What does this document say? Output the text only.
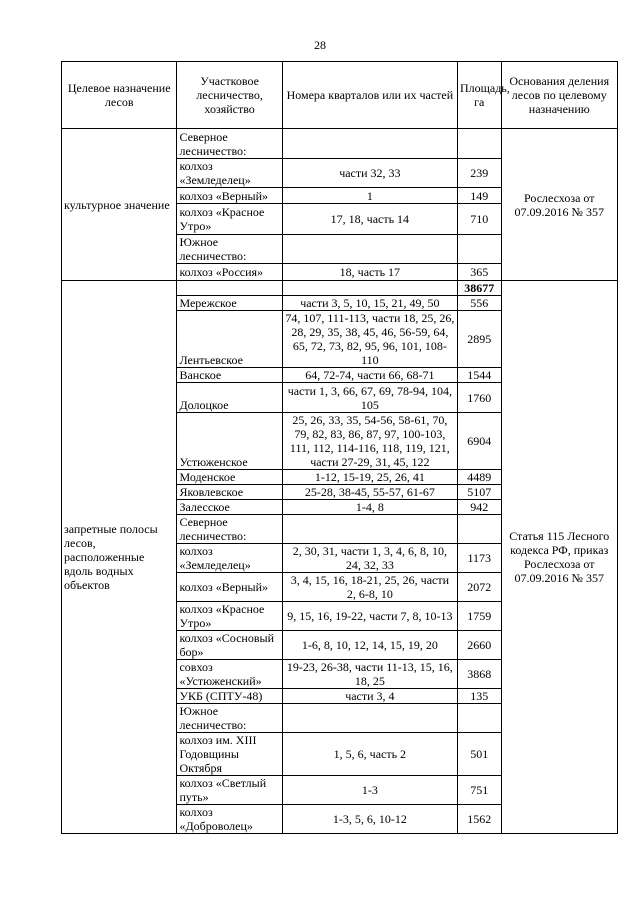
28
Целевое назначение лесов	Участковое лесничество, хозяйство	Номера кварталов или их частей	Площадь, га	Основания деления лесов по целевому назначению
культурное значение	Северное лесничество:			Рослесхоза от 07.09.2016 № 357
	колхоз «Земледелец»	части 32, 33	239	
	колхоз «Верный»	1	149	
	колхоз «Красное Утро»	17, 18, часть 14	710	
	Южное лесничество:			
	колхоз «Россия»	18, часть 17	365	
запретные полосы лесов, расположенные вдоль водных объектов			38677	Статья 115 Лесного кодекса РФ, приказ Рослесхоза от 07.09.2016 № 357
	Мережское	части 3, 5, 10, 15, 21, 49, 50	556	
	Лентьевское	74, 107, 111-113, части 18, 25, 26, 28, 29, 35, 38, 45, 46, 56-59, 64, 65, 72, 73, 82, 95, 96, 101, 108-110	2895	
	Ванское	64, 72-74, части 66, 68-71	1544	
	Долоцкое	части 1, 3, 66, 67, 69, 78-94, 104, 105	1760	
	Устюженское	25, 26, 33, 35, 54-56, 58-61, 70, 79, 82, 83, 86, 87, 97, 100-103, 111, 112, 114-116, 118, 119, 121, части 27-29, 31, 45, 122	6904	
	Моденское	1-12, 15-19, 25, 26, 41	4489	
	Яковлевское	25-28, 38-45, 55-57, 61-67	5107	
	Залесское	1-4, 8	942	
	Северное лесничество:			
	колхоз «Земледелец»	2, 30, 31, части 1, 3, 4, 6, 8, 10, 24, 32, 33	1173	
	колхоз «Верный»	3, 4, 15, 16, 18-21, 25, 26, части 2, 6-8, 10	2072	
	колхоз «Красное Утро»	9, 15, 16, 19-22, части 7, 8, 10-13	1759	
	колхоз «Сосновый бор»	1-6, 8, 10, 12, 14, 15, 19, 20	2660	
	совхоз «Устюженский»	19-23, 26-38, части 11-13, 15, 16, 18, 25	3868	
	УКБ (СПТУ-48)	части 3, 4	135	
	Южное лесничество:			
	колхоз им. XIII Годовщины Октября	1, 5, 6, часть 2	501	
	колхоз «Светлый путь»	1-3	751	
	колхоз «Доброволец»	1-3, 5, 6, 10-12	1562	
